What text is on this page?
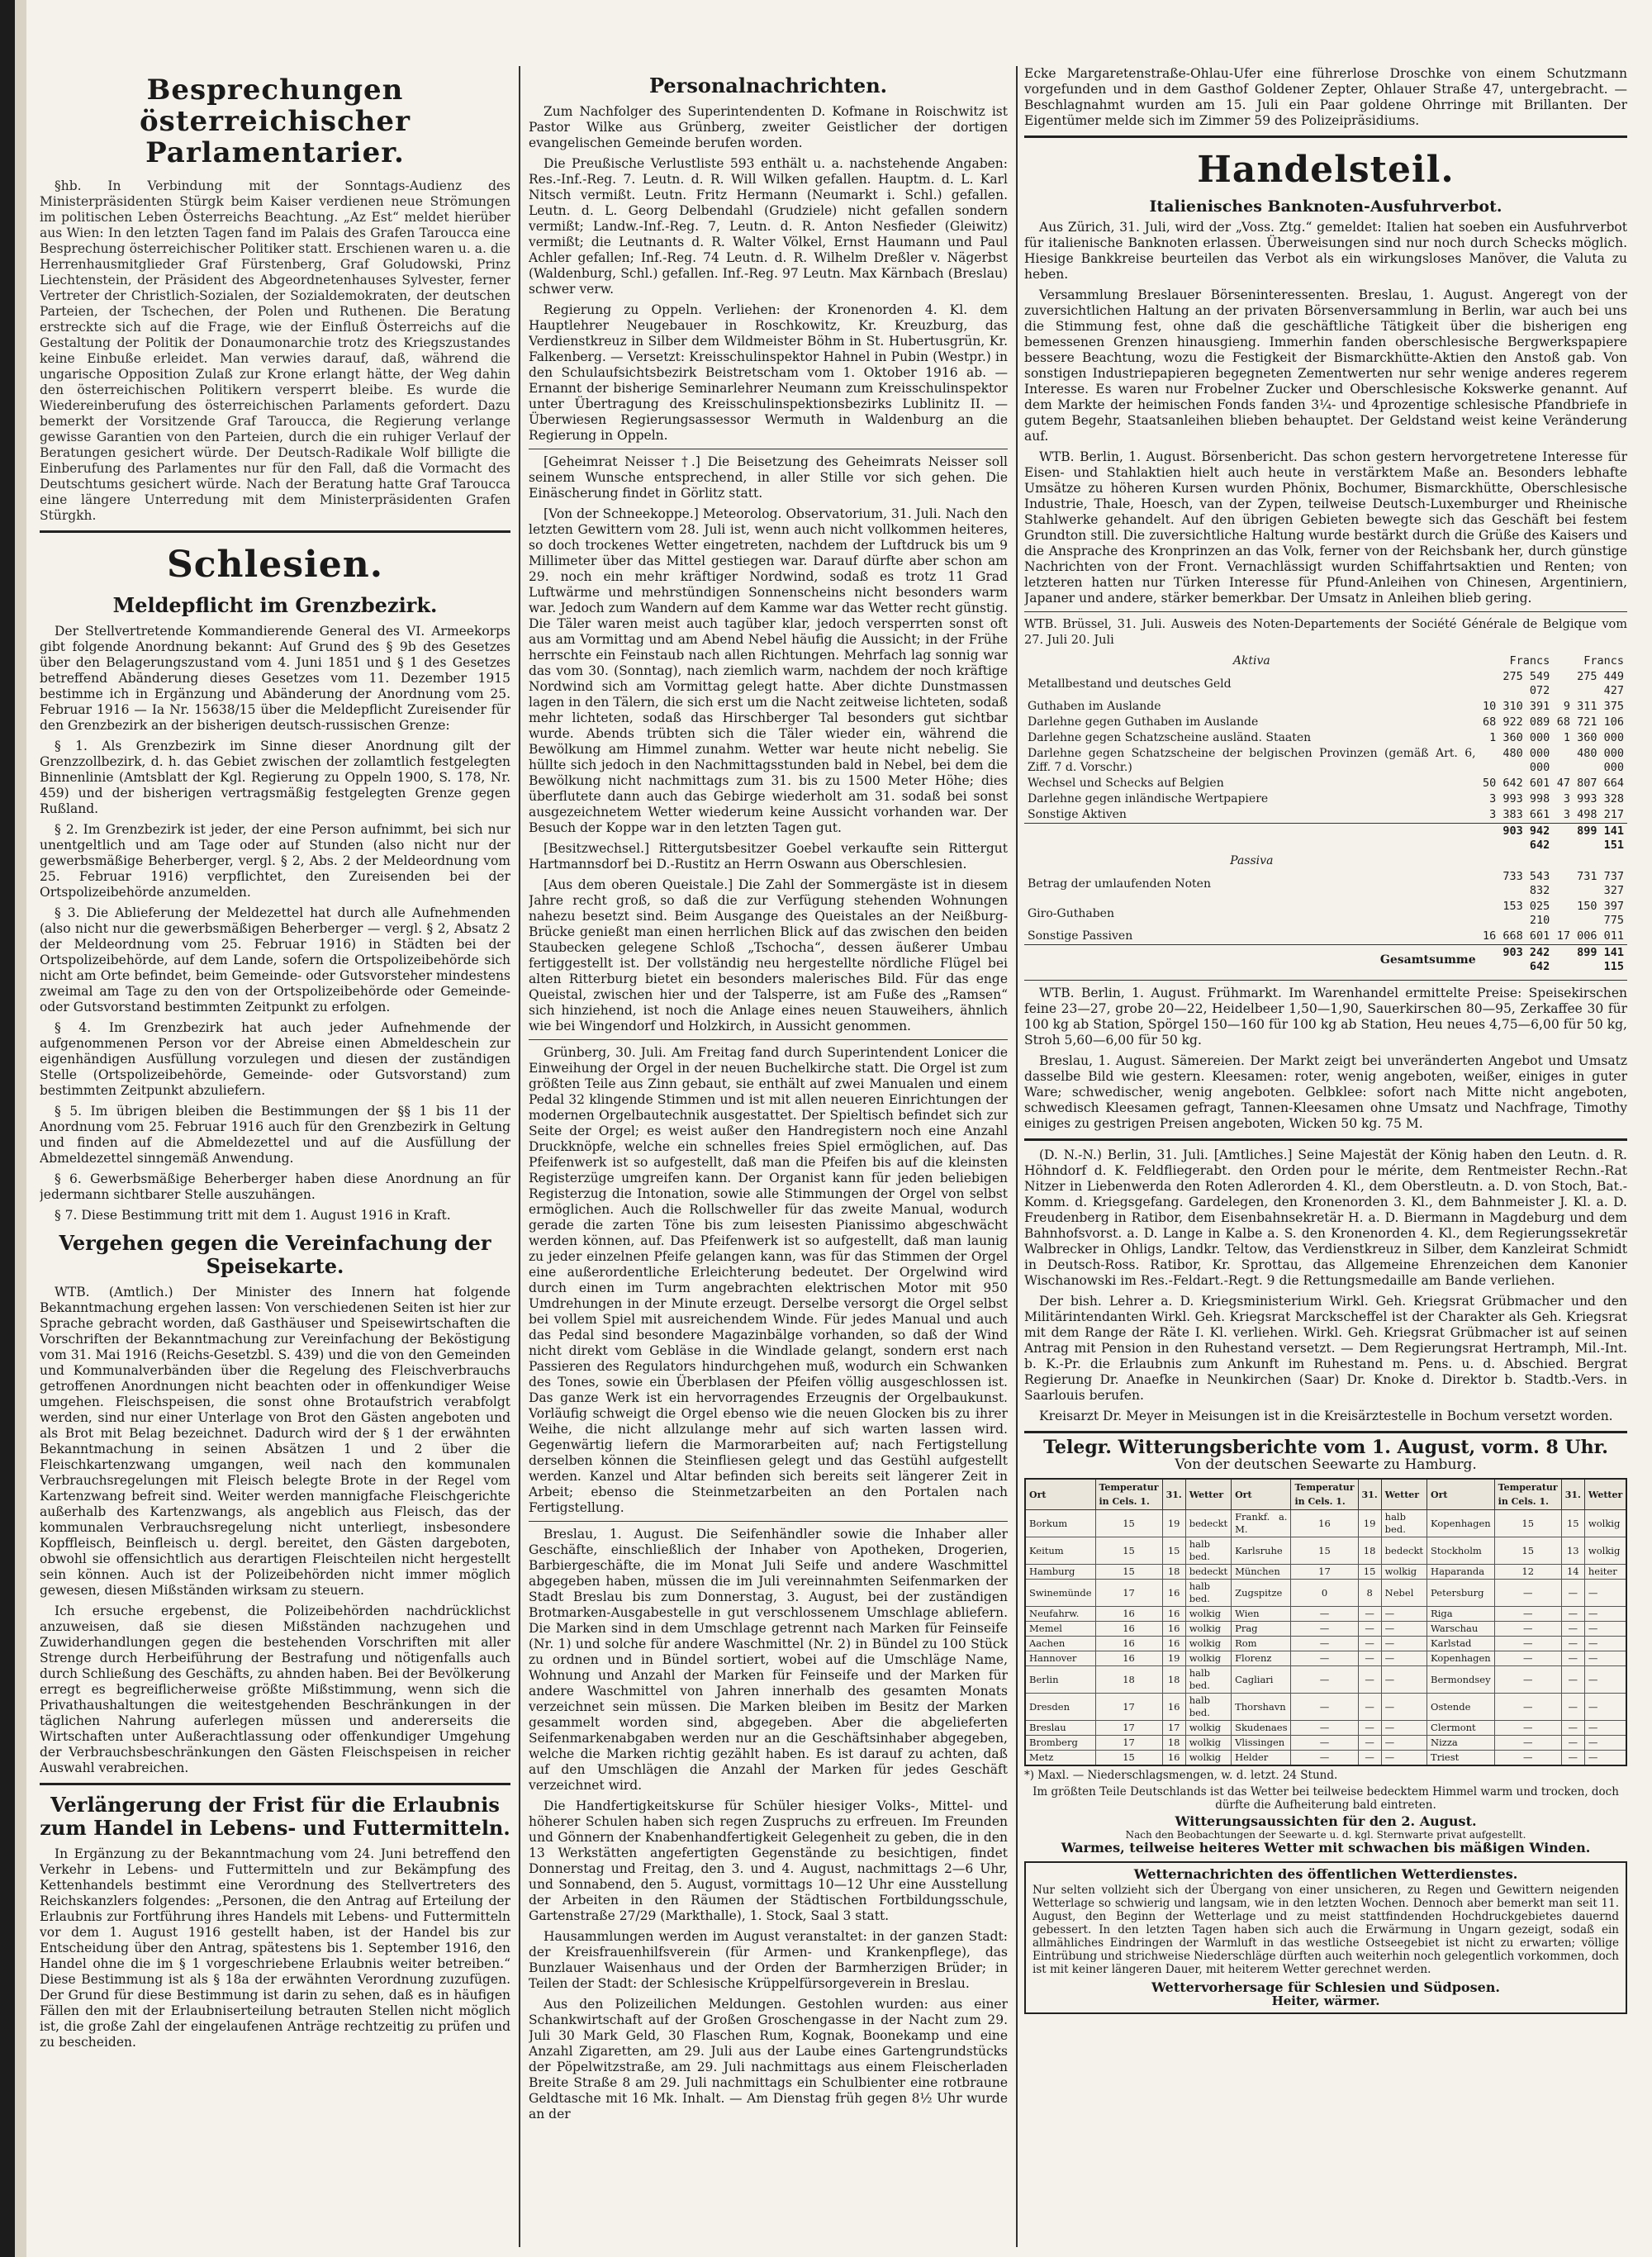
Besprechungen österreichischer Parlamentarier.

§hb. In Verbindung mit der Sonntags-Audienz des Ministerpräsidenten Stürgk beim Kaiser verdienen neue Strömungen im politischen Leben Österreichs Beachtung. „Az Est“ meldet hierüber aus Wien: In den letzten Tagen fand im Palais des Grafen Taroucca eine Besprechung österreichischer Politiker statt. Erschienen waren u. a. die Herrenhausmitglieder Graf Fürstenberg, Graf Goludowski, Prinz Liechtenstein, der Präsident des Abgeordnetenhauses Sylvester, ferner Vertreter der Christlich-Sozialen, der Sozialdemokraten, der deutschen Parteien, der Tschechen, der Polen und Ruthenen. Die Beratung erstreckte sich auf die Frage, wie der Einfluß Österreichs auf die Gestaltung der Politik der Donaumonarchie trotz des Kriegszustandes keine Einbuße erleidet. Man verwies darauf, daß, während die ungarische Opposition Zulaß zur Krone erlangt hätte, der Weg dahin den österreichischen Politikern versperrt bleibe. Es wurde die Wiedereinberufung des österreichischen Parlaments gefordert. Dazu bemerkt der Vorsitzende Graf Taroucca, die Regierung verlange gewisse Garantien von den Parteien, durch die ein ruhiger Verlauf der Beratungen gesichert würde. Der Deutsch-Radikale Wolf billigte die Einberufung des Parlamentes nur für den Fall, daß die Vormacht des Deutschtums gesichert würde. Nach der Beratung hatte Graf Taroucca eine längere Unterredung mit dem Ministerpräsidenten Grafen Stürgkh.

Schlesien.
Meldepflicht im Grenzbezirk.

Der Stellvertretende Kommandierende General des VI. Armeekorps gibt folgende Anordnung bekannt: Auf Grund des § 9b des Gesetzes über den Belagerungszustand vom 4. Juni 1851 und § 1 des Gesetzes betreffend Abänderung dieses Gesetzes vom 11. Dezember 1915 bestimme ich in Ergänzung und Abänderung der Anordnung vom 25. Februar 1916 — Ia Nr. 15638/15 über die Meldepflicht Zureisender für den Grenzbezirk an der bisherigen deutsch-russischen Grenze:

§ 1. Als Grenzbezirk im Sinne dieser Anordnung gilt der Grenzzollbezirk, d. h. das Gebiet zwischen der zollamtlich festgelegten Binnenlinie (Amtsblatt der Kgl. Regierung zu Oppeln 1900, S. 178, Nr. 459) und der bisherigen vertragsmäßig festgelegten Grenze gegen Rußland.

§ 2. Im Grenzbezirk ist jeder, der eine Person aufnimmt, bei sich nur unentgeltlich und am Tage oder auf Stunden (also nicht nur der gewerbsmäßige Beherberger, vergl. § 2, Abs. 2 der Meldeordnung vom 25. Februar 1916) verpflichtet, den Zureisenden bei der Ortspolizeibehörde anzumelden.

§ 3. Die Ablieferung der Meldezettel hat durch alle Aufnehmenden (also nicht nur die gewerbsmäßigen Beherberger — vergl. § 2, Absatz 2 der Meldeordnung vom 25. Februar 1916) in Städten bei der Ortspolizeibehörde, auf dem Lande, sofern die Ortspolizeibehörde sich nicht am Orte befindet, beim Gemeinde- oder Gutsvorsteher mindestens zweimal am Tage zu den von der Ortspolizeibehörde oder Gemeinde- oder Gutsvorstand bestimmten Zeitpunkt zu erfolgen.

§ 4. Im Grenzbezirk hat auch jeder Aufnehmende der aufgenommenen Person vor der Abreise einen Abmeldeschein zur eigenhändigen Ausfüllung vorzulegen und diesen der zuständigen Stelle (Ortspolizeibehörde, Gemeinde- oder Gutsvorstand) zum bestimmten Zeitpunkt abzuliefern.

§ 5. Im übrigen bleiben die Bestimmungen der §§ 1 bis 11 der Anordnung vom 25. Februar 1916 auch für den Grenzbezirk in Geltung und finden auf die Abmeldezettel und auf die Ausfüllung der Abmeldezettel sinngemäß Anwendung.

§ 6. Gewerbsmäßige Beherberger haben diese Anordnung an für jedermann sichtbarer Stelle auszuhängen.

§ 7. Diese Bestimmung tritt mit dem 1. August 1916 in Kraft.

Vergehen gegen die Vereinfachung der Speisekarte.

WTB. (Amtlich.) Der Minister des Innern hat folgende Bekanntmachung ergehen lassen: Von verschiedenen Seiten ist hier zur Sprache gebracht worden, daß Gasthäuser und Speisewirtschaften die Vorschriften der Bekanntmachung zur Vereinfachung der Beköstigung vom 31. Mai 1916 (Reichs-Gesetzbl. S. 439) und die von den Gemeinden und Kommunalverbänden über die Regelung des Fleischverbrauchs getroffenen Anordnungen nicht beachten oder in offenkundiger Weise umgehen. Fleischspeisen, die sonst ohne Brotaufstrich verabfolgt werden, sind nur einer Unterlage von Brot den Gästen angeboten und als Brot mit Belag bezeichnet. Dadurch wird der § 1 der erwähnten Bekanntmachung in seinen Absätzen 1 und 2 über die Fleischkartenzwang umgangen, weil nach den kommunalen Verbrauchsregelungen mit Fleisch belegte Brote in der Regel vom Kartenzwang befreit sind. Weiter werden mannigfache Fleischgerichte außerhalb des Kartenzwangs, als angeblich aus Fleisch, das der kommunalen Verbrauchsregelung nicht unterliegt, insbesondere Kopffleisch, Beinfleisch u. dergl. bereitet, den Gästen dargeboten, obwohl sie offensichtlich aus derartigen Fleischteilen nicht hergestellt sein können. Auch ist der Polizeibehörden nicht immer möglich gewesen, diesen Mißständen wirksam zu steuern.

Ich ersuche ergebenst, die Polizeibehörden nachdrücklichst anzuweisen, daß sie diesen Mißständen nachzugehen und Zuwiderhandlungen gegen die bestehenden Vorschriften mit aller Strenge durch Herbeiführung der Bestrafung und nötigenfalls auch durch Schließung des Geschäfts, zu ahnden haben. Bei der Bevölkerung erregt es begreiflicherweise größte Mißstimmung, wenn sich die Privathaushaltungen die weitestgehenden Beschränkungen in der täglichen Nahrung auferlegen müssen und andererseits die Wirtschaften unter Außerachtlassung oder offenkundiger Umgehung der Verbrauchsbeschränkungen den Gästen Fleischspeisen in reicher Auswahl verabreichen.

Verlängerung der Frist für die Erlaubnis zum Handel in Lebens- und Futtermitteln.

In Ergänzung zu der Bekanntmachung vom 24. Juni betreffend den Verkehr in Lebens- und Futtermitteln und zur Bekämpfung des Kettenhandels bestimmt eine Verordnung des Stellvertreters des Reichskanzlers folgendes: „Personen, die den Antrag auf Erteilung der Erlaubnis zur Fortführung ihres Handels mit Lebens- und Futtermitteln vor dem 1. August 1916 gestellt haben, ist der Handel bis zur Entscheidung über den Antrag, spätestens bis 1. September 1916, den Handel ohne die im § 1 vorgeschriebene Erlaubnis weiter betreiben.“ Diese Bestimmung ist als § 18a der erwähnten Verordnung zuzufügen. Der Grund für diese Bestimmung ist darin zu sehen, daß es in häufigen Fällen den mit der Erlaubniserteilung betrauten Stellen nicht möglich ist, die große Zahl der eingelaufenen Anträge rechtzeitig zu prüfen und zu bescheiden.

Personalnachrichten.

Zum Nachfolger des Superintendenten D. Kofmane in Roischwitz ist Pastor Wilke aus Grünberg, zweiter Geistlicher der dortigen evangelischen Gemeinde berufen worden.

Die Preußische Verlustliste 593 enthält u. a. nachstehende Angaben: Res.-Inf.-Reg. 7. Leutn. d. R. Will Wilken gefallen. Hauptm. d. L. Karl Nitsch vermißt. Leutn. Fritz Hermann (Neumarkt i. Schl.) gefallen. Leutn. d. L. Georg Delbendahl (Grudziele) nicht gefallen sondern vermißt; Landw.-Inf.-Reg. 7, Leutn. d. R. Anton Nesfieder (Gleiwitz) vermißt; die Leutnants d. R. Walter Völkel, Ernst Haumann und Paul Achler gefallen; Inf.-Reg. 74 Leutn. d. R. Wilhelm Dreßler v. Nägerbst (Waldenburg, Schl.) gefallen. Inf.-Reg. 97 Leutn. Max Kärnbach (Breslau) schwer verw.

Regierung zu Oppeln. Verliehen: der Kronenorden 4. Kl. dem Hauptlehrer Neugebauer in Roschkowitz, Kr. Kreuzburg, das Verdienstkreuz in Silber dem Wildmeister Böhm in St. Hubertusgrün, Kr. Falkenberg. — Versetzt: Kreisschulinspektor Hahnel in Pubin (Westpr.) in den Schulaufsichtsbezirk Beistretscham vom 1. Oktober 1916 ab. — Ernannt der bisherige Seminarlehrer Neumann zum Kreisschulinspektor unter Übertragung des Kreisschulinspektionsbezirks Lublinitz II. — Überwiesen Regierungsassessor Wermuth in Waldenburg an die Regierung in Oppeln.

[Geheimrat Neisser †.] Die Beisetzung des Geheimrats Neisser soll seinem Wunsche entsprechend, in aller Stille vor sich gehen. Die Einäscherung findet in Görlitz statt.

[Von der Schneekoppe.] Meteorolog. Observatorium, 31. Juli. Nach den letzten Gewittern vom 28. Juli ist, wenn auch nicht vollkommen heiteres, so doch trockenes Wetter eingetreten, nachdem der Luftdruck bis um 9 Millimeter über das Mittel gestiegen war. Darauf dürfte aber schon am 29. noch ein mehr kräftiger Nordwind, sodaß es trotz 11 Grad Luftwärme und mehrstündigen Sonnenscheins nicht besonders warm war. Jedoch zum Wandern auf dem Kamme war das Wetter recht günstig. Die Täler waren meist auch tagüber klar, jedoch versperrten sonst oft aus am Vormittag und am Abend Nebel häufig die Aussicht; in der Frühe herrschte ein Feinstaub nach allen Richtungen. Mehrfach lag sonnig war das vom 30. (Sonntag), nach ziemlich warm, nachdem der noch kräftige Nordwind sich am Vormittag gelegt hatte. Aber dichte Dunstmassen lagen in den Tälern, die sich erst um die Nacht zeitweise lichteten, sodaß mehr lichteten, sodaß das Hirschberger Tal besonders gut sichtbar wurde. Abends trübten sich die Täler wieder ein, während die Bewölkung am Himmel zunahm. Wetter war heute nicht nebelig. Sie hüllte sich jedoch in den Nachmittagsstunden bald in Nebel, bei dem die Bewölkung nicht nachmittags zum 31. bis zu 1500 Meter Höhe; dies überflutete dann auch das Gebirge wiederholt am 31. sodaß bei sonst ausgezeichnetem Wetter wiederum keine Aussicht vorhanden war. Der Besuch der Koppe war in den letzten Tagen gut.

[Besitzwechsel.] Rittergutsbesitzer Goebel verkaufte sein Rittergut Hartmannsdorf bei D.-Rustitz an Herrn Oswann aus Oberschlesien.

[Aus dem oberen Queistale.] Die Zahl der Sommergäste ist in diesem Jahre recht groß, so daß die zur Verfügung stehenden Wohnungen nahezu besetzt sind. Beim Ausgange des Queistales an der Neißburg-Brücke genießt man einen herrlichen Blick auf das zwischen den beiden Staubecken gelegene Schloß „Tschocha“, dessen äußerer Umbau fertiggestellt ist. Der vollständig neu hergestellte nördliche Flügel bei alten Ritterburg bietet ein besonders malerisches Bild. Für das enge Queistal, zwischen hier und der Talsperre, ist am Fuße des „Ramsen“ sich hinziehend, ist noch die Anlage eines neuen Stauweihers, ähnlich wie bei Wingendorf und Holzkirch, in Aussicht genommen.

Grünberg, 30. Juli. Am Freitag fand durch Superintendent Lonicer die Einweihung der Orgel in der neuen Buchelkirche statt. Die Orgel ist zum größten Teile aus Zinn gebaut, sie enthält auf zwei Manualen und einem Pedal 32 klingende Stimmen und ist mit allen neueren Einrichtungen der modernen Orgelbautechnik ausgestattet. Der Spieltisch befindet sich zur Seite der Orgel; es weist außer den Handregistern noch eine Anzahl Druckknöpfe, welche ein schnelles freies Spiel ermöglichen, auf. Das Pfeifenwerk ist so aufgestellt, daß man die Pfeifen bis auf die kleinsten Registerzüge umgreifen kann. Der Organist kann für jeden beliebigen Registerzug die Intonation, sowie alle Stimmungen der Orgel von selbst ermöglichen. Auch die Rollschweller für das zweite Manual, wodurch gerade die zarten Töne bis zum leisesten Pianissimo abgeschwächt werden können, auf. Das Pfeifenwerk ist so aufgestellt, daß man launig zu jeder einzelnen Pfeife gelangen kann, was für das Stimmen der Orgel eine außerordentliche Erleichterung bedeutet. Der Orgelwind wird durch einen im Turm angebrachten elektrischen Motor mit 950 Umdrehungen in der Minute erzeugt. Derselbe versorgt die Orgel selbst bei vollem Spiel mit ausreichendem Winde. Für jedes Manual und auch das Pedal sind besondere Magazinbälge vorhanden, so daß der Wind nicht direkt vom Gebläse in die Windlade gelangt, sondern erst nach Passieren des Regulators hindurchgehen muß, wodurch ein Schwanken des Tones, sowie ein Überblasen der Pfeifen völlig ausgeschlossen ist. Das ganze Werk ist ein hervorragendes Erzeugnis der Orgelbaukunst. Vorläufig schweigt die Orgel ebenso wie die neuen Glocken bis zu ihrer Weihe, die nicht allzulange mehr auf sich warten lassen wird. Gegenwärtig liefern die Marmorarbeiten auf; nach Fertigstellung derselben können die Steinfliesen gelegt und das Gestühl aufgestellt werden. Kanzel und Altar befinden sich bereits seit längerer Zeit in Arbeit; ebenso die Steinmetzarbeiten an den Portalen nach Fertigstellung.

Breslau, 1. August. Die Seifenhändler sowie die Inhaber aller Geschäfte, einschließlich der Inhaber von Apotheken, Drogerien, Barbiergeschäfte, die im Monat Juli Seife und andere Waschmittel abgegeben haben, müssen die im Juli vereinnahmten Seifenmarken der Stadt Breslau bis zum Donnerstag, 3. August, bei der zuständigen Brotmarken-Ausgabestelle in gut verschlossenem Umschlage abliefern. Die Marken sind in dem Umschlage getrennt nach Marken für Feinseife (Nr. 1) und solche für andere Waschmittel (Nr. 2) in Bündel zu 100 Stück zu ordnen und in Bündel sortiert, wobei auf die Umschläge Name, Wohnung und Anzahl der Marken für Feinseife und der Marken für andere Waschmittel von Jahren innerhalb des gesamten Monats verzeichnet sein müssen. Die Marken bleiben im Besitz der Marken gesammelt worden sind, abgegeben. Aber die abgelieferten Seifenmarkenabgaben werden nur an die Geschäftsinhaber abgegeben, welche die Marken richtig gezählt haben. Es ist darauf zu achten, daß auf den Umschlägen die Anzahl der Marken für jedes Geschäft verzeichnet wird.

Die Handfertigkeitskurse für Schüler hiesiger Volks-, Mittel- und höherer Schulen haben sich regen Zuspruchs zu erfreuen. Im Freunden und Gönnern der Knabenhandfertigkeit Gelegenheit zu geben, die in den 13 Werkstätten angefertigten Gegenstände zu besichtigen, findet Donnerstag und Freitag, den 3. und 4. August, nachmittags 2—6 Uhr, und Sonnabend, den 5. August, vormittags 10—12 Uhr eine Ausstellung der Arbeiten in den Räumen der Städtischen Fortbildungsschule, Gartenstraße 27/29 (Markthalle), 1. Stock, Saal 3 statt.

Hausammlungen werden im August veranstaltet: in der ganzen Stadt: der Kreisfrauenhilfsverein (für Armen- und Krankenpflege), das Bunzlauer Waisenhaus und der Orden der Barmherzigen Brüder; in Teilen der Stadt: der Schlesische Krüppelfürsorgeverein in Breslau.

Aus den Polizeilichen Meldungen. Gestohlen wurden: aus einer Schankwirtschaft auf der Großen Groschengasse in der Nacht zum 29. Juli 30 Mark Geld, 30 Flaschen Rum, Kognak, Boonekamp und eine Anzahl Zigaretten, am 29. Juli aus der Laube eines Gartengrundstücks der Pöpelwitzstraße, am 29. Juli nachmittags aus einem Fleischerladen Breite Straße 8 am 29. Juli nachmittags ein Schulbienter eine rotbraune Geldtasche mit 16 Mk. Inhalt. — Am Dienstag früh gegen 8½ Uhr wurde an der

Ecke Margaretenstraße-Ohlau-Ufer eine führerlose Droschke von einem Schutzmann vorgefunden und in dem Gasthof Goldener Zepter, Ohlauer Straße 47, untergebracht. — Beschlagnahmt wurden am 15. Juli ein Paar goldene Ohrringe mit Brillanten. Der Eigentümer melde sich im Zimmer 59 des Polizeipräsidiums.

Handelsteil.
Italienisches Banknoten-Ausfuhrverbot.

Aus Zürich, 31. Juli, wird der „Voss. Ztg.“ gemeldet: Italien hat soeben ein Ausfuhrverbot für italienische Banknoten erlassen. Überweisungen sind nur noch durch Schecks möglich. Hiesige Bankkreise beurteilen das Verbot als ein wirkungsloses Manöver, die Valuta zu heben.

Versammlung Breslauer Börseninteressenten. Breslau, 1. August. Angeregt von der zuversichtlichen Haltung an der privaten Börsenversammlung in Berlin, war auch bei uns die Stimmung fest, ohne daß die geschäftliche Tätigkeit über die bisherigen eng bemessenen Grenzen hinausgieng. Immerhin fanden oberschlesische Bergwerkspapiere bessere Beachtung, wozu die Festigkeit der Bismarckhütte-Aktien den Anstoß gab. Von sonstigen Industriepapieren begegneten Zementwerten nur sehr wenige anderes regerem Interesse. Es waren nur Frobelner Zucker und Oberschlesische Kokswerke genannt. Auf dem Markte der heimischen Fonds fanden 3¼- und 4prozentige schlesische Pfandbriefe in gutem Begehr, Staatsanleihen blieben behauptet. Der Geldstand weist keine Veränderung auf.

WTB. Berlin, 1. August. Börsenbericht. Das schon gestern hervorgetretene Interesse für Eisen- und Stahlaktien hielt auch heute in verstärktem Maße an. Besonders lebhafte Umsätze zu höheren Kursen wurden Phönix, Bochumer, Bismarckhütte, Oberschlesische Industrie, Thale, Hoesch, van der Zypen, teilweise Deutsch-Luxemburger und Rheinische Stahlwerke gehandelt. Auf den übrigen Gebieten bewegte sich das Geschäft bei festem Grundton still. Die zuversichtliche Haltung wurde bestärkt durch die Grüße des Kaisers und die Ansprache des Kronprinzen an das Volk, ferner von der Reichsbank her, durch günstige Nachrichten von der Front. Vernachlässigt wurden Schiffahrtsaktien und Renten; von letzteren hatten nur Türken Interesse für Pfund-Anleihen von Chinesen, Argentiniern, Japaner und andere, stärker bemerkbar. Der Umsatz in Anleihen blieb gering.

WTB. Brüssel, 31. Juli. Ausweis des Noten-Departements der Société Générale de Belgique vom 27. Juli 20. Juli

Aktiva	Francs	Francs
Metallbestand und deutsches Geld	275 549 072	275 449 427
Guthaben im Auslande	10 310 391	9 311 375
Darlehne gegen Guthaben im Auslande	68 922 089	68 721 106
Darlehne gegen Schatzscheine ausländ. Staaten	1 360 000	1 360 000
Darlehne gegen Schatzscheine der belgischen Provinzen (gemäß Art. 6, Ziff. 7 d. Vorschr.)	480 000 000	480 000 000
Wechsel und Schecks auf Belgien	50 642 601	47 807 664
Darlehne gegen inländische Wertpapiere	3 993 998	3 993 328
Sonstige Aktiven	3 383 661	3 498 217
	903 942 642	899 141 151
Passiva		
Betrag der umlaufenden Noten	733 543 832	731 737 327
Giro-Guthaben	153 025 210	150 397 775
Sonstige Passiven	16 668 601	17 006 011
Gesamtsumme	903 242 642	899 141 115

WTB. Berlin, 1. August. Frühmarkt. Im Warenhandel ermittelte Preise: Speisekirschen feine 23—27, grobe 20—22, Heidelbeer 1,50—1,90, Sauerkirschen 80—95, Zerkaffee 30 für 100 kg ab Station, Spörgel 150—160 für 100 kg ab Station, Heu neues 4,75—6,00 für 50 kg, Stroh 5,60—6,00 für 50 kg.

Breslau, 1. August. Sämereien. Der Markt zeigt bei unveränderten Angebot und Umsatz dasselbe Bild wie gestern. Kleesamen: roter, wenig angeboten, weißer, einiges in guter Ware; schwedischer, wenig angeboten. Gelbklee: sofort nach Mitte nicht angeboten, schwedisch Kleesamen gefragt, Tannen-Kleesamen ohne Umsatz und Nachfrage, Timothy einiges zu gestrigen Preisen angeboten, Wicken 50 kg. 75 M.

(D. N.-N.) Berlin, 31. Juli. [Amtliches.] Seine Majestät der König haben den Leutn. d. R. Höhndorf d. K. Feldfliegerabt. den Orden pour le mérite, dem Rentmeister Rechn.-Rat Nitzer in Liebenwerda den Roten Adlerorden 4. Kl., dem Oberstleutn. a. D. von Stoch, Bat.-Komm. d. Kriegsgefang. Gardelegen, den Kronenorden 3. Kl., dem Bahnmeister J. Kl. a. D. Freudenberg in Ratibor, dem Eisenbahnsekretär H. a. D. Biermann in Magdeburg und dem Bahnhofsvorst. a. D. Lange in Kalbe a. S. den Kronenorden 4. Kl., dem Regierungssekretär Walbrecker in Ohligs, Landkr. Teltow, das Verdienstkreuz in Silber, dem Kanzleirat Schmidt in Deutsch-Ross. Ratibor, Kr. Sprottau, das Allgemeine Ehrenzeichen dem Kanonier Wischanowski im Res.-Feldart.-Regt. 9 die Rettungsmedaille am Bande verliehen.

Der bish. Lehrer a. D. Kriegsministerium Wirkl. Geh. Kriegsrat Grübmacher und den Militärintendanten Wirkl. Geh. Kriegsrat Marckscheffel ist der Charakter als Geh. Kriegsrat mit dem Range der Räte I. Kl. verliehen. Wirkl. Geh. Kriegsrat Grübmacher ist auf seinen Antrag mit Pension in den Ruhestand versetzt. — Dem Regierungsrat Hertramph, Mil.-Int. b. K.-Pr. die Erlaubnis zum Ankunft im Ruhestand m. Pens. u. d. Abschied. Bergrat Regierung Dr. Anaefke in Neunkirchen (Saar) Dr. Knoke d. Direktor b. Stadtb.-Vers. in Saarlouis berufen.

Kreisarzt Dr. Meyer in Meisungen ist in die Kreisärztestelle in Bochum versetzt worden.

Telegr. Witterungsberichte vom 1. August, vorm. 8 Uhr.
Von der deutschen Seewarte zu Hamburg.
Ort	Temperatur in Cels. 1.	31.	Wetter	Ort	Temperatur in Cels. 1.	31.	Wetter	Ort	Temperatur in Cels. 1.	31.	Wetter
Borkum	15	19	bedeckt	Frankf. a. M.	16	19	halb bed.	Kopenhagen	15	15	wolkig
Keitum	15	15	halb bed.	Karlsruhe	15	18	bedeckt	Stockholm	15	13	wolkig
Hamburg	15	18	bedeckt	München	17	15	wolkig	Haparanda	12	14	heiter
Swinemünde	17	16	halb bed.	Zugspitze	0	8	Nebel	Petersburg	—	—	—
Neufahrw.	16	16	wolkig	Wien	—	—	—	Riga	—	—	—
Memel	16	16	wolkig	Prag	—	—	—	Warschau	—	—	—
Aachen	16	16	wolkig	Rom	—	—	—	Karlstad	—	—	—
Hannover	16	19	wolkig	Florenz	—	—	—	Kopenhagen	—	—	—
Berlin	18	18	halb bed.	Cagliari	—	—	—	Bermondsey	—	—	—
Dresden	17	16	halb bed.	Thorshavn	—	—	—	Ostende	—	—	—
Breslau	17	17	wolkig	Skudenaes	—	—	—	Clermont	—	—	—
Bromberg	17	18	wolkig	Vlissingen	—	—	—	Nizza	—	—	—
Metz	15	16	wolkig	Helder	—	—	—	Triest	—	—	—
*) Maxl. — Niederschlagsmengen, w. d. letzt. 24 Stund.
Im größten Teile Deutschlands ist das Wetter bei teilweise bedecktem Himmel warm und trocken, doch dürfte die Aufheiterung bald eintreten.
Witterungsaussichten für den 2. August.
Nach den Beobachtungen der Seewarte u. d. kgl. Sternwarte privat aufgestellt.
Warmes, teilweise heiteres Wetter mit schwachen bis mäßigen Winden.
Wetternachrichten des öffentlichen Wetterdienstes.
Nur selten vollzieht sich der Übergang von einer unsicheren, zu Regen und Gewittern neigenden Wetterlage so schwierig und langsam, wie in den letzten Wochen. Dennoch aber bemerkt man seit 11. August, den Beginn der Wetterlage und zu meist stattfindenden Hochdruckgebietes dauernd gebessert. In den letzten Tagen haben sich auch die Erwärmung in Ungarn gezeigt, sodaß ein allmähliches Eindringen der Warmluft in das westliche Ostseegebiet ist nicht zu erwarten; völlige Eintrübung und strichweise Niederschläge dürften auch weiterhin noch gelegentlich vorkommen, doch ist mit keiner längeren Dauer, mit heiterem Wetter gerechnet werden.
Wettervorhersage für Schlesien und Südposen.
Heiter, wärmer.
